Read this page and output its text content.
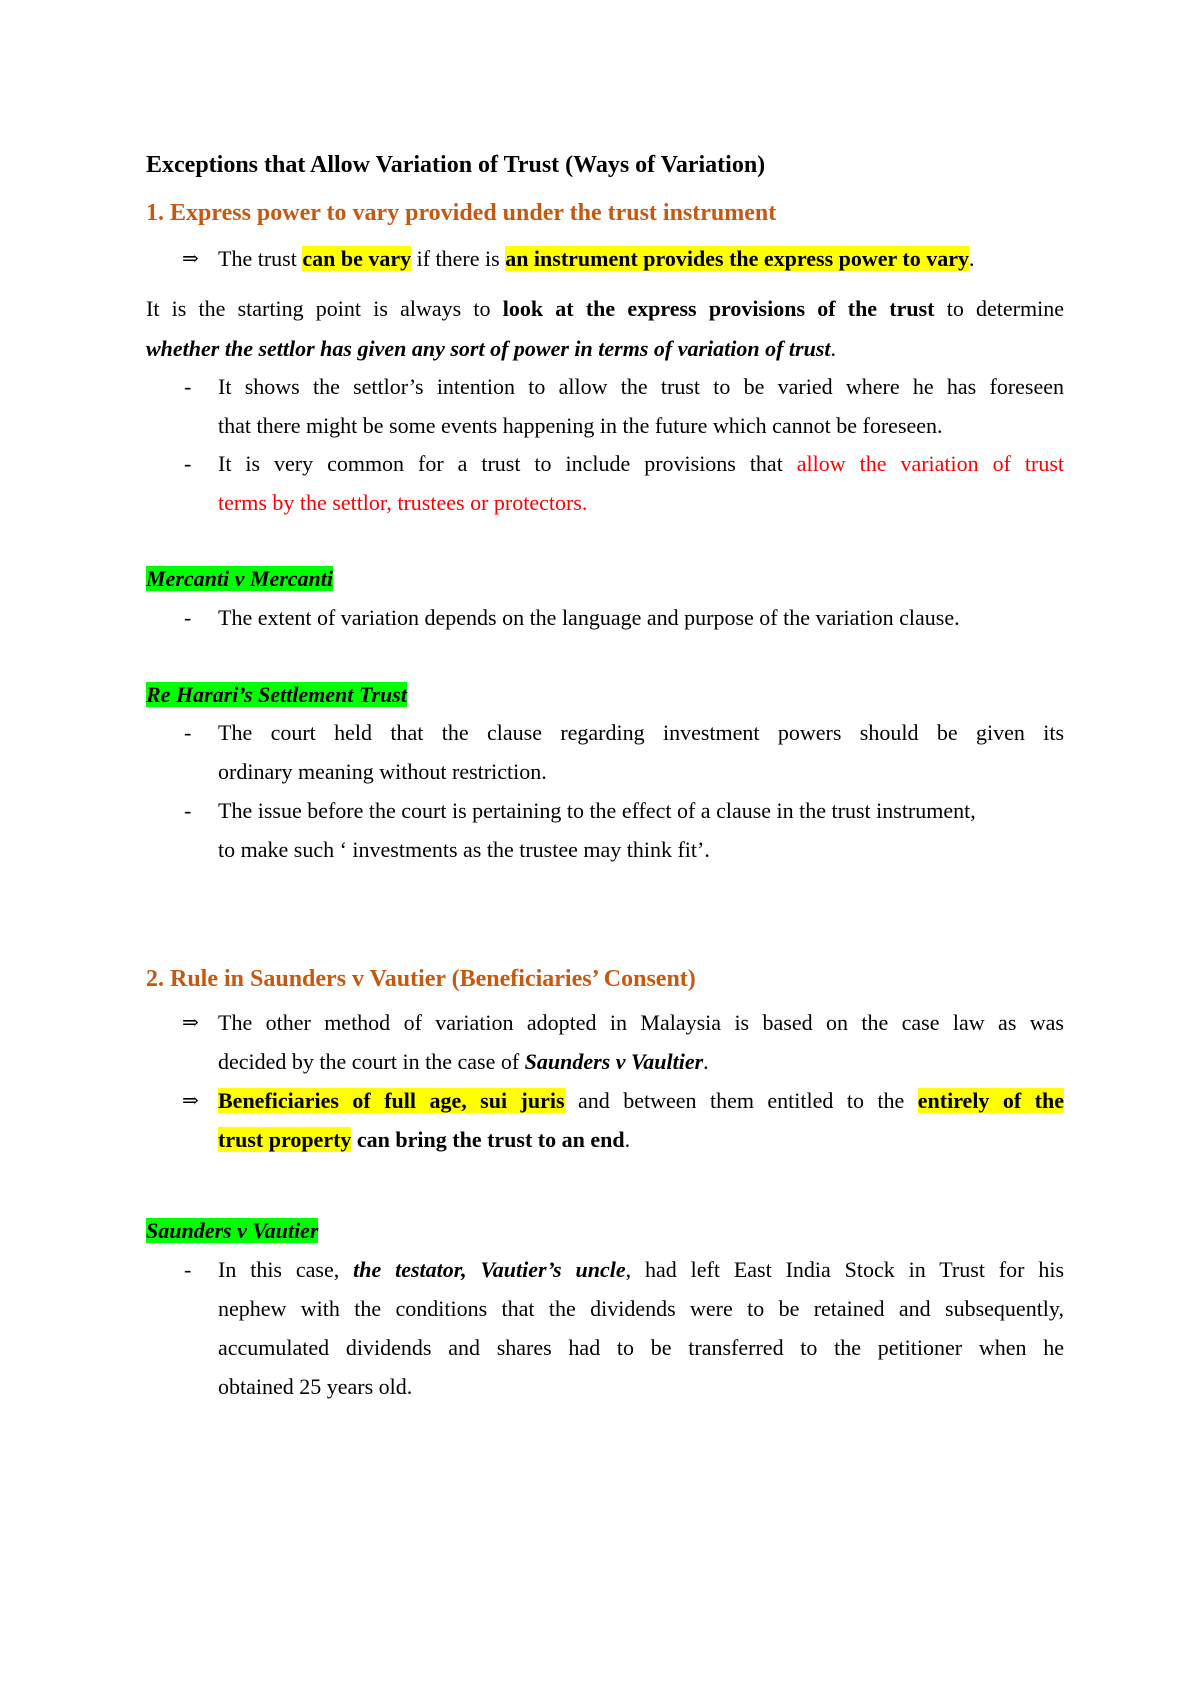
Exceptions that Allow Variation of Trust (Ways of Variation)
1. Express power to vary provided under the trust instrument
⇒ The trust can be vary if there is an instrument provides the express power to vary.
It is the starting point is always to look at the express provisions of the trust to determine
whether the settlor has given any sort of power in terms of variation of trust.
- It shows the settlor’s intention to allow the trust to be varied where he has foreseen
that there might be some events happening in the future which cannot be foreseen.
- It is very common for a trust to include provisions that allow the variation of trust
terms by the settlor, trustees or protectors.
Mercanti v Mercanti
- The extent of variation depends on the language and purpose of the variation clause.
Re Harari’s Settlement Trust
- The court held that the clause regarding investment powers should be given its
ordinary meaning without restriction.
- The issue before the court is pertaining to the effect of a clause in the trust instrument,
to make such ‘ investments as the trustee may think fit’.
2. Rule in Saunders v Vautier (Beneficiaries’ Consent)
⇒ The other method of variation adopted in Malaysia is based on the case law as was
decided by the court in the case of Saunders v Vaultier.
⇒ Beneficiaries of full age, sui juris and between them entitled to the entirely of the
trust property can bring the trust to an end.
Saunders v Vautier
- In this case, the testator, Vautier’s uncle, had left East India Stock in Trust for his
nephew with the conditions that the dividends were to be retained and subsequently,
accumulated dividends and shares had to be transferred to the petitioner when he
obtained 25 years old.
